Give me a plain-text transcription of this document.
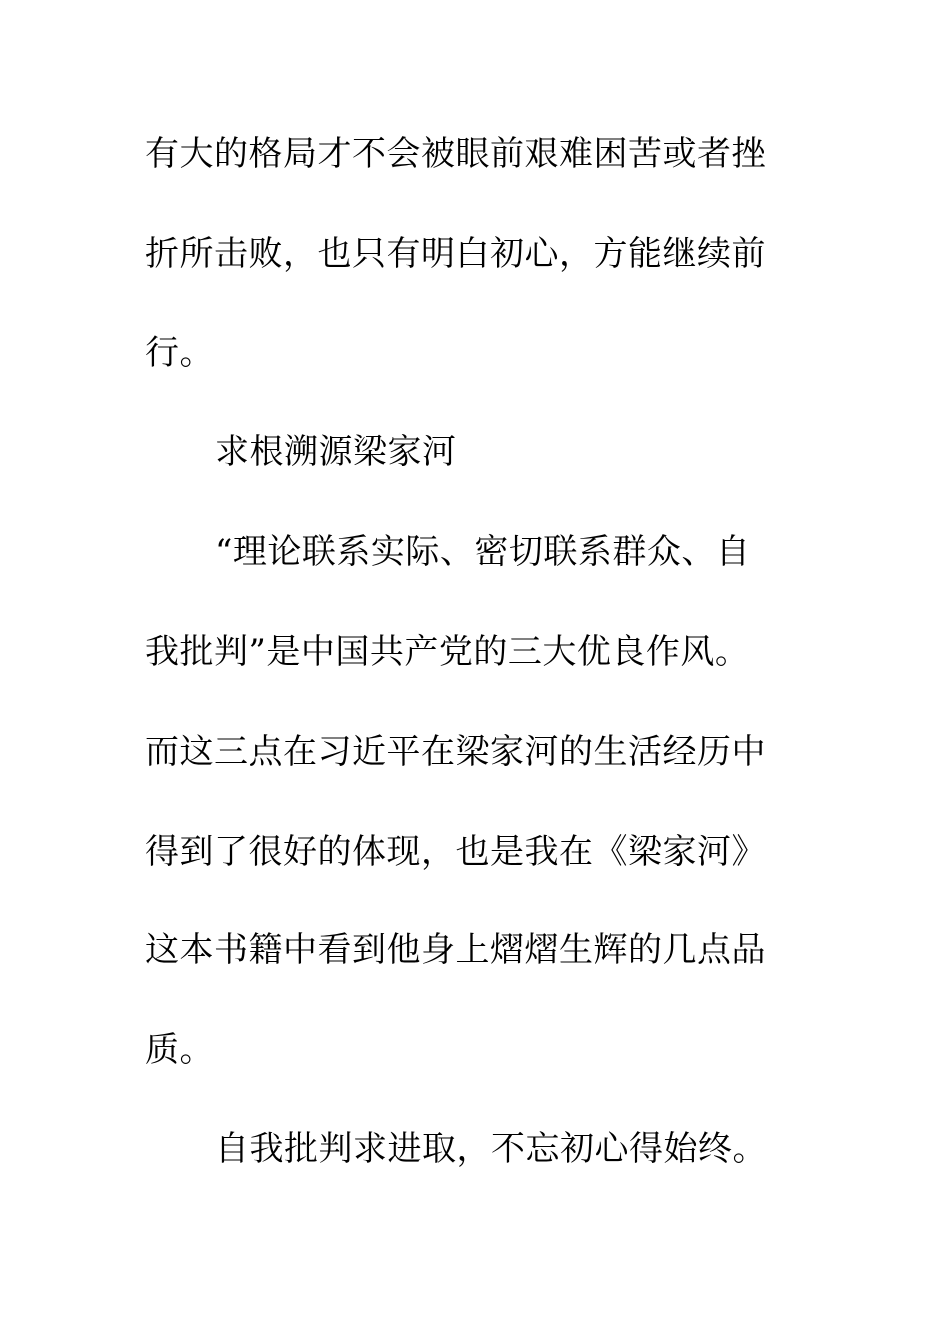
有大的格局才不会被眼前艰难困苦或者挫
折所击败，也只有明白初心，方能继续前
行。
求根溯源梁家河
“理论联系实际、密切联系群众、自
我批判”是中国共产党的三大优良作风。
而这三点在习近平在梁家河的生活经历中
得到了很好的体现，也是我在《梁家河》
这本书籍中看到他身上熠熠生辉的几点品
质。
自我批判求进取，不忘初心得始终。
